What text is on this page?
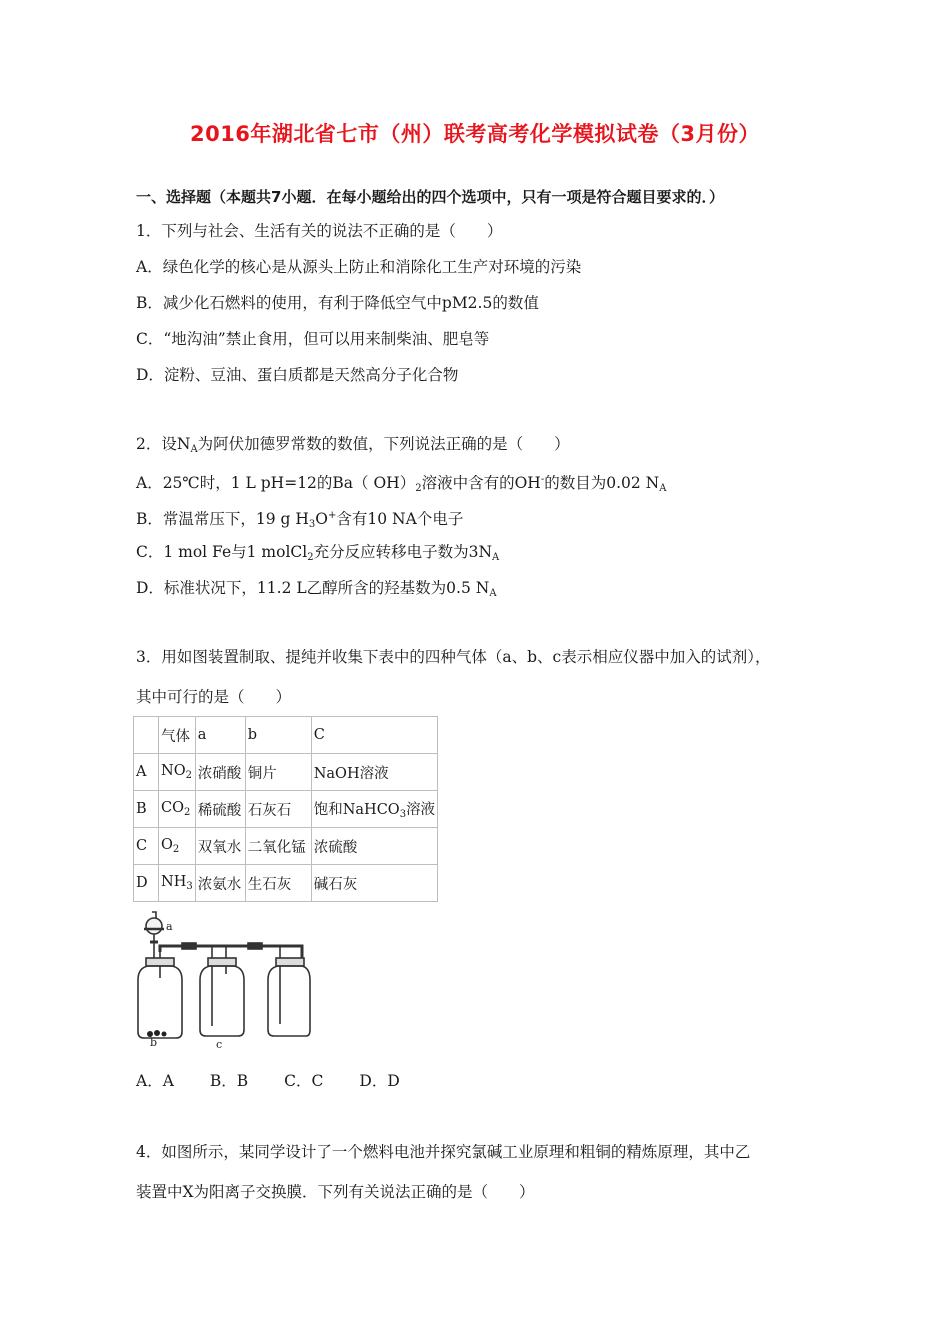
2016年湖北省七市（州）联考高考化学模拟试卷（3月份）
一、选择题（本题共7小题．在每小题给出的四个选项中，只有一项是符合题目要求的．）
1．下列与社会、生活有关的说法不正确的是（　　）
A．绿色化学的核心是从源头上防止和消除化工生产对环境的污染
B．减少化石燃料的使用，有利于降低空气中pM2.5的数值
C．“地沟油”禁止食用，但可以用来制柴油、肥皂等
D．淀粉、豆油、蛋白质都是天然高分子化合物
2．设$N_A$为阿伏加德罗常数的数值，下列说法正确的是（　　）
A．25℃时，1 L pH=12的Ba（ $OH)_2$溶液中含有的OH-的数目为0.02 $N_A$
B．常温常压下，19 g $H_3O^+$含有10 NA个电子
C．1 mol Fe与1 molCl$_2$充分反应转移电子数为$3N_A$
D．标准状况下，11.2 L乙醇所含的羟基数为0.5 $N_A$
3．用如图装置制取、提纯并收集下表中的四种气体（a、b、c表示相应仪器中加入的试剂），
其中可行的是（　　）
	气体	a	b	C
A	$NO_2$	浓硝酸	铜片	NaOH溶液
B	$CO_2$	稀硫酸	石灰石	饱和NaHCO$_3$溶液
C	$O_2$	双氧水	二氧化锰	浓硫酸
D	$NH_3$	浓氨水	生石灰	碱石灰
a
b	c
A．A B．B C．C D．D
4．如图所示，某同学设计了一个燃料电池并探究氯碱工业原理和粗铜的精炼原理，其中乙
装置中X为阳离子交换膜．下列有关说法正确的是（　　）
